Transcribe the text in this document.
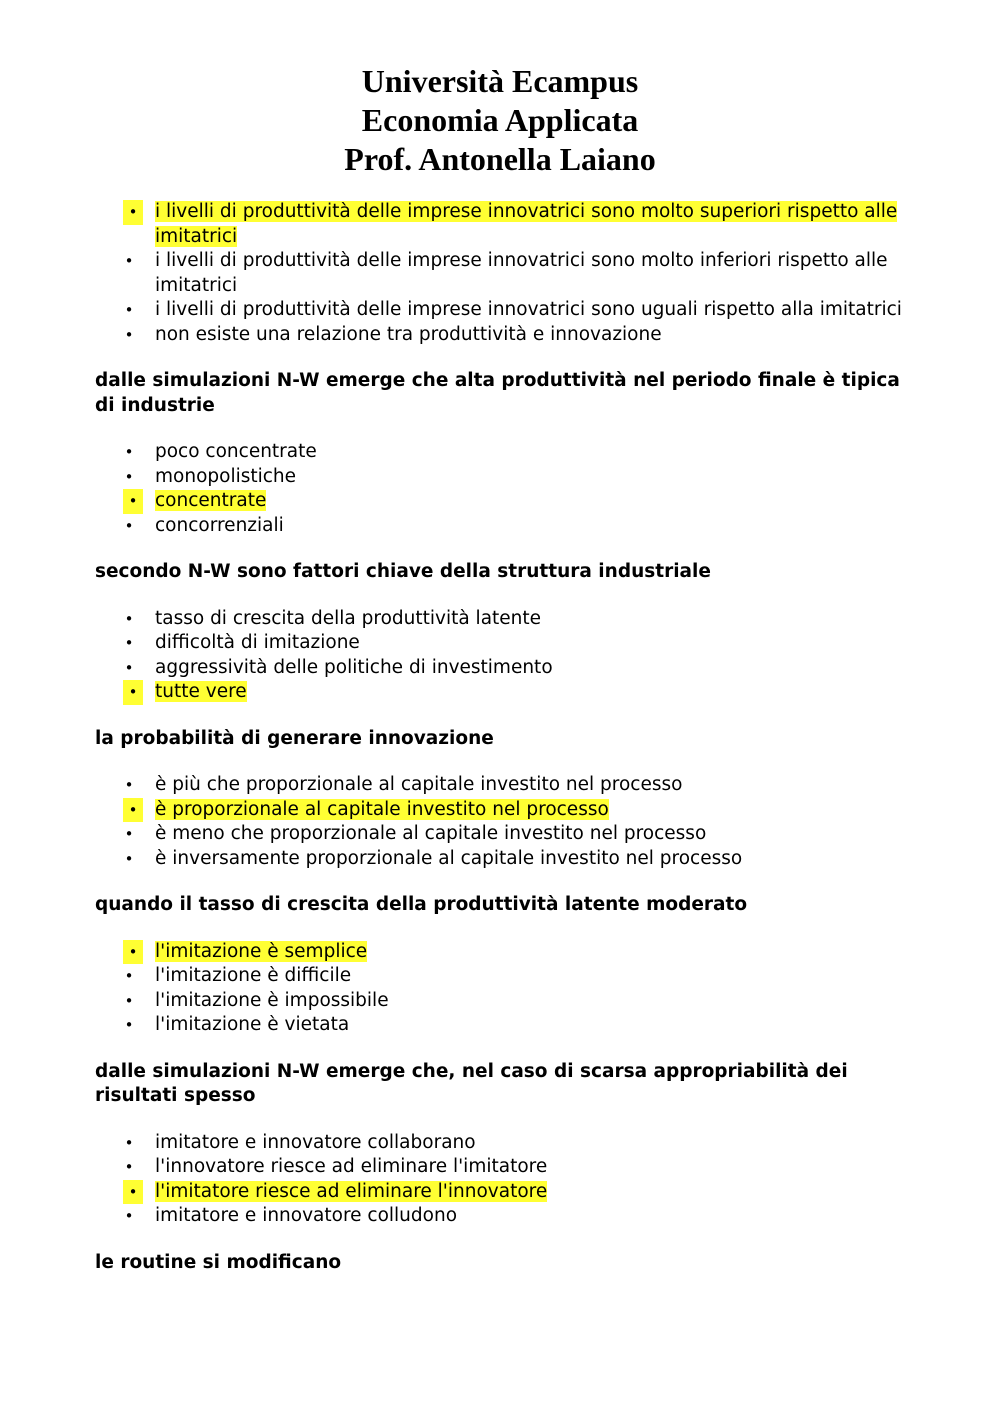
Università Ecampus
Economia Applicata
Prof. Antonella Laiano
•
i livelli di produttività delle imprese innovatrici sono molto superiori rispetto alle imitatrici
•
i livelli di produttività delle imprese innovatrici sono molto inferiori rispetto alle imitatrici
•
i livelli di produttività delle imprese innovatrici sono uguali rispetto alla imitatrici
•
non esiste una relazione tra produttività e innovazione
dalle simulazioni N-W emerge che alta produttività nel periodo finale è tipica di industrie
•
poco concentrate
•
monopolistiche
•
concentrate
•
concorrenziali
secondo N-W sono fattori chiave della struttura industriale
•
tasso di crescita della produttività latente
•
difficoltà di imitazione
•
aggressività delle politiche di investimento
•
tutte vere
la probabilità di generare innovazione
•
è più che proporzionale al capitale investito nel processo
•
è proporzionale al capitale investito nel processo
•
è meno che proporzionale al capitale investito nel processo
•
è inversamente proporzionale al capitale investito nel processo
quando il tasso di crescita della produttività latente moderato
•
l'imitazione è semplice
•
l'imitazione è difficile
•
l'imitazione è impossibile
•
l'imitazione è vietata
dalle simulazioni N-W emerge che, nel caso di scarsa appropriabilità dei risultati spesso
•
imitatore e innovatore collaborano
•
l'innovatore riesce ad eliminare l'imitatore
•
l'imitatore riesce ad eliminare l'innovatore
•
imitatore e innovatore colludono
le routine si modificano
